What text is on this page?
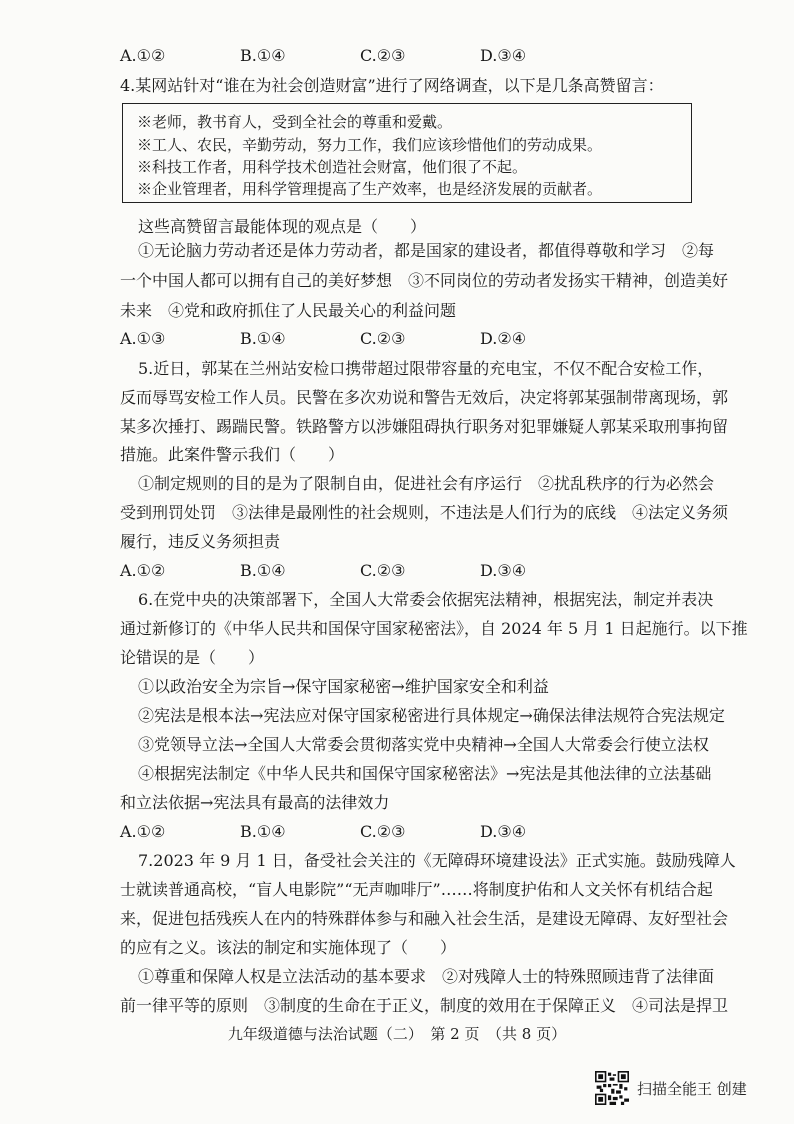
A.①②	B.①④	C.②③	D.③④
4.某网站针对“谁在为社会创造财富”进行了网络调查，以下是几条高赞留言：
※老师，教书育人，受到全社会的尊重和爱戴。
※工人、农民，辛勤劳动，努力工作，我们应该珍惜他们的劳动成果。
※科技工作者，用科学技术创造社会财富，他们很了不起。
※企业管理者，用科学管理提高了生产效率，也是经济发展的贡献者。
这些高赞留言最能体现的观点是（　　）
①无论脑力劳动者还是体力劳动者，都是国家的建设者，都值得尊敬和学习　②每
一个中国人都可以拥有自己的美好梦想　③不同岗位的劳动者发扬实干精神，创造美好
未来　④党和政府抓住了人民最关心的利益问题
A.①③	B.①④	C.②③	D.②④
5.近日，郭某在兰州站安检口携带超过限带容量的充电宝，不仅不配合安检工作，
反而辱骂安检工作人员。民警在多次劝说和警告无效后，决定将郭某强制带离现场，郭
某多次捶打、踢踹民警。铁路警方以涉嫌阻碍执行职务对犯罪嫌疑人郭某采取刑事拘留
措施。此案件警示我们（　　）
①制定规则的目的是为了限制自由，促进社会有序运行　②扰乱秩序的行为必然会
受到刑罚处罚　③法律是最刚性的社会规则，不违法是人们行为的底线　④法定义务须
履行，违反义务须担责
A.①②	B.①④	C.②③	D.③④
6.在党中央的决策部署下，全国人大常委会依据宪法精神，根据宪法，制定并表决
通过新修订的《中华人民共和国保守国家秘密法》，自 2024 年 5 月 1 日起施行。以下推
论错误的是（　　）
①以政治安全为宗旨→保守国家秘密→维护国家安全和利益
②宪法是根本法→宪法应对保守国家秘密进行具体规定→确保法律法规符合宪法规定
③党领导立法→全国人大常委会贯彻落实党中央精神→全国人大常委会行使立法权
④根据宪法制定《中华人民共和国保守国家秘密法》→宪法是其他法律的立法基础
和立法依据→宪法具有最高的法律效力
A.①②	B.①④	C.②③	D.③④
7.2023 年 9 月 1 日，备受社会关注的《无障碍环境建设法》正式实施。鼓励残障人
士就读普通高校，“盲人电影院”“无声咖啡厅”……将制度护佑和人文关怀有机结合起
来，促进包括残疾人在内的特殊群体参与和融入社会生活，是建设无障碍、友好型社会
的应有之义。该法的制定和实施体现了（　　）
①尊重和保障人权是立法活动的基本要求　②对残障人士的特殊照顾违背了法律面
前一律平等的原则　③制度的生命在于正义，制度的效用在于保障正义　④司法是捍卫
九年级道德与法治试题（二）　第 2 页　（共 8 页）
扫描全能王 创建
